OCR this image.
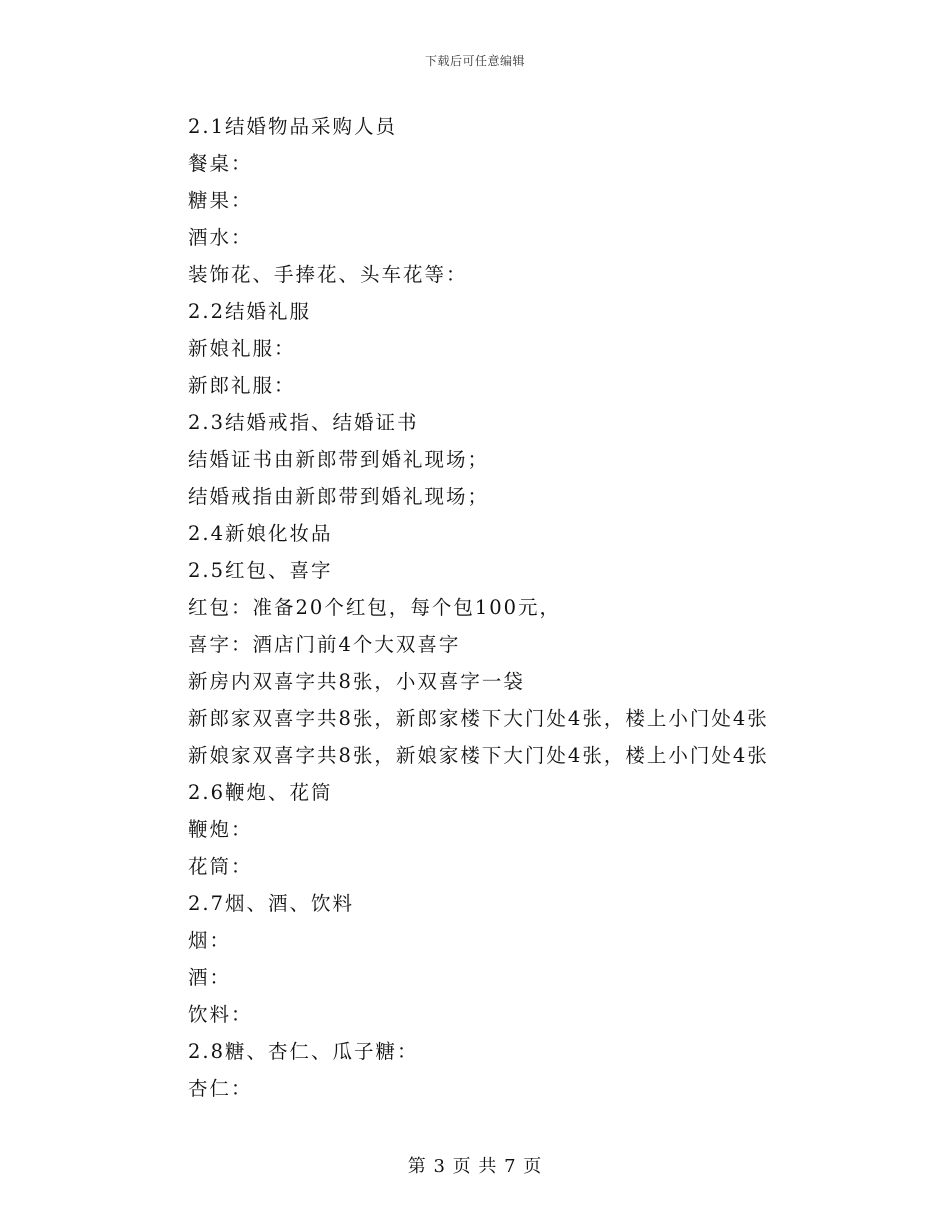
下载后可任意编辑
2.1结婚物品采购人员
餐桌：
糖果：
酒水：
装饰花、手捧花、头车花等：
2.2结婚礼服
新娘礼服：
新郎礼服：
2.3结婚戒指、结婚证书
结婚证书由新郎带到婚礼现场；
结婚戒指由新郎带到婚礼现场；
2.4新娘化妆品
2.5红包、喜字
红包：准备20个红包，每个包100元，
喜字：酒店门前4个大双喜字
新房内双喜字共8张，小双喜字一袋
新郎家双喜字共8张，新郎家楼下大门处4张，楼上小门处4张
新娘家双喜字共8张，新娘家楼下大门处4张，楼上小门处4张
2.6鞭炮、花筒
鞭炮：
花筒：
2.7烟、酒、饮料
烟：
酒：
饮料：
2.8糖、杏仁、瓜子糖：
杏仁：
第 3 页 共 7 页
